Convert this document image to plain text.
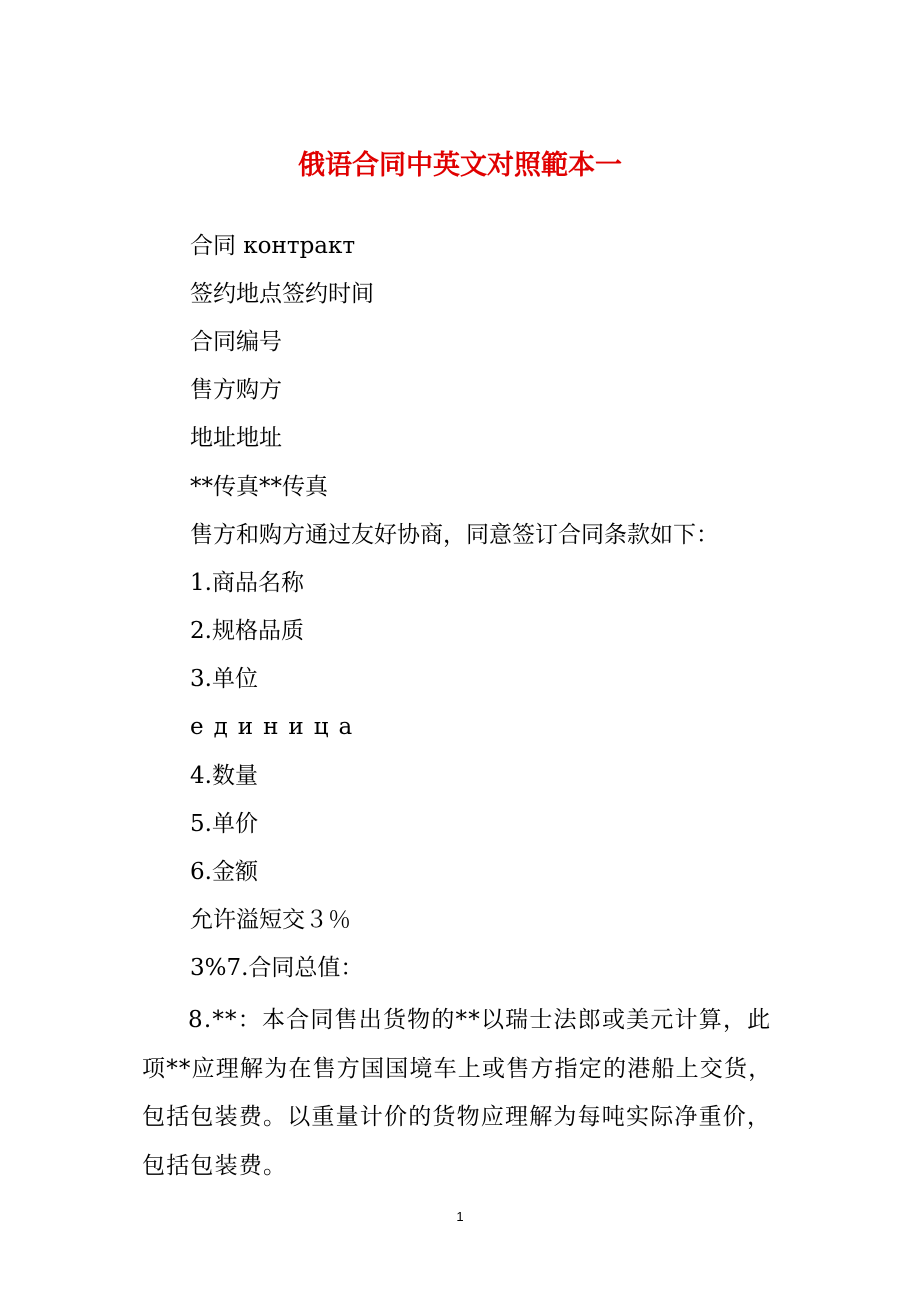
俄语合同中英文对照範本一
合同 контракт
签约地点签约时间
合同编号
售方购方
地址地址
**传真**传真
售方和购方通过友好协商，同意签订合同条款如下：
1.商品名称
2.规格品质
3.单位
единица
4.数量
5.单价
6.金额
允许溢短交３％
3%7.合同总值：
8.**：本合同售出货物的**以瑞士法郎或美元计算，此项**应理解为在售方国国境车上或售方指定的港船上交货，包括包装费。以重量计价的货物应理解为每吨实际净重价，包括包装费。
1
